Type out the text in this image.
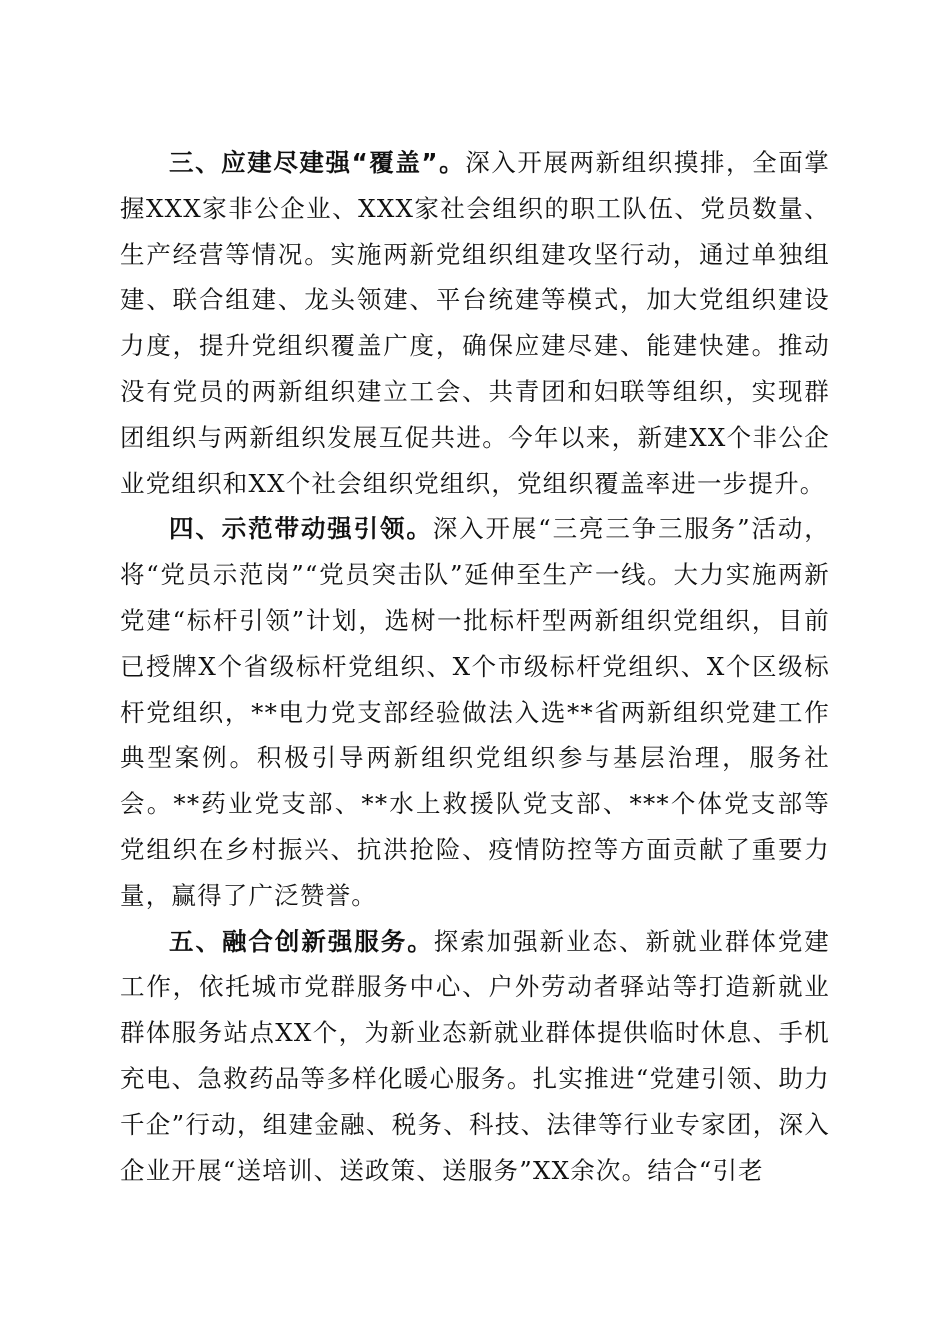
三、应建尽建强“覆盖”。深入开展两新组织摸排，全面掌握XXX家非公企业、XXX家社会组织的职工队伍、党员数量、生产经营等情况。实施两新党组织组建攻坚行动，通过单独组建、联合组建、龙头领建、平台统建等模式，加大党组织建设力度，提升党组织覆盖广度，确保应建尽建、能建快建。推动没有党员的两新组织建立工会、共青团和妇联等组织，实现群团组织与两新组织发展互促共进。今年以来，新建XX个非公企业党组织和XX个社会组织党组织，党组织覆盖率进一步提升。

四、示范带动强引领。深入开展“三亮三争三服务”活动，将“党员示范岗”“党员突击队”延伸至生产一线。大力实施两新党建“标杆引领”计划，选树一批标杆型两新组织党组织，目前已授牌X个省级标杆党组织、X个市级标杆党组织、X个区级标杆党组织，**电力党支部经验做法入选**省两新组织党建工作典型案例。积极引导两新组织党组织参与基层治理，服务社会。**药业党支部、**水上救援队党支部、***个体党支部等党组织在乡村振兴、抗洪抢险、疫情防控等方面贡献了重要力量，赢得了广泛赞誉。

五、融合创新强服务。探索加强新业态、新就业群体党建工作，依托城市党群服务中心、户外劳动者驿站等打造新就业群体服务站点XX个，为新业态新就业群体提供临时休息、手机充电、急救药品等多样化暖心服务。扎实推进“党建引领、助力千企”行动，组建金融、税务、科技、法律等行业专家团，深入企业开展“送培训、送政策、送服务”XX余次。结合“引老
